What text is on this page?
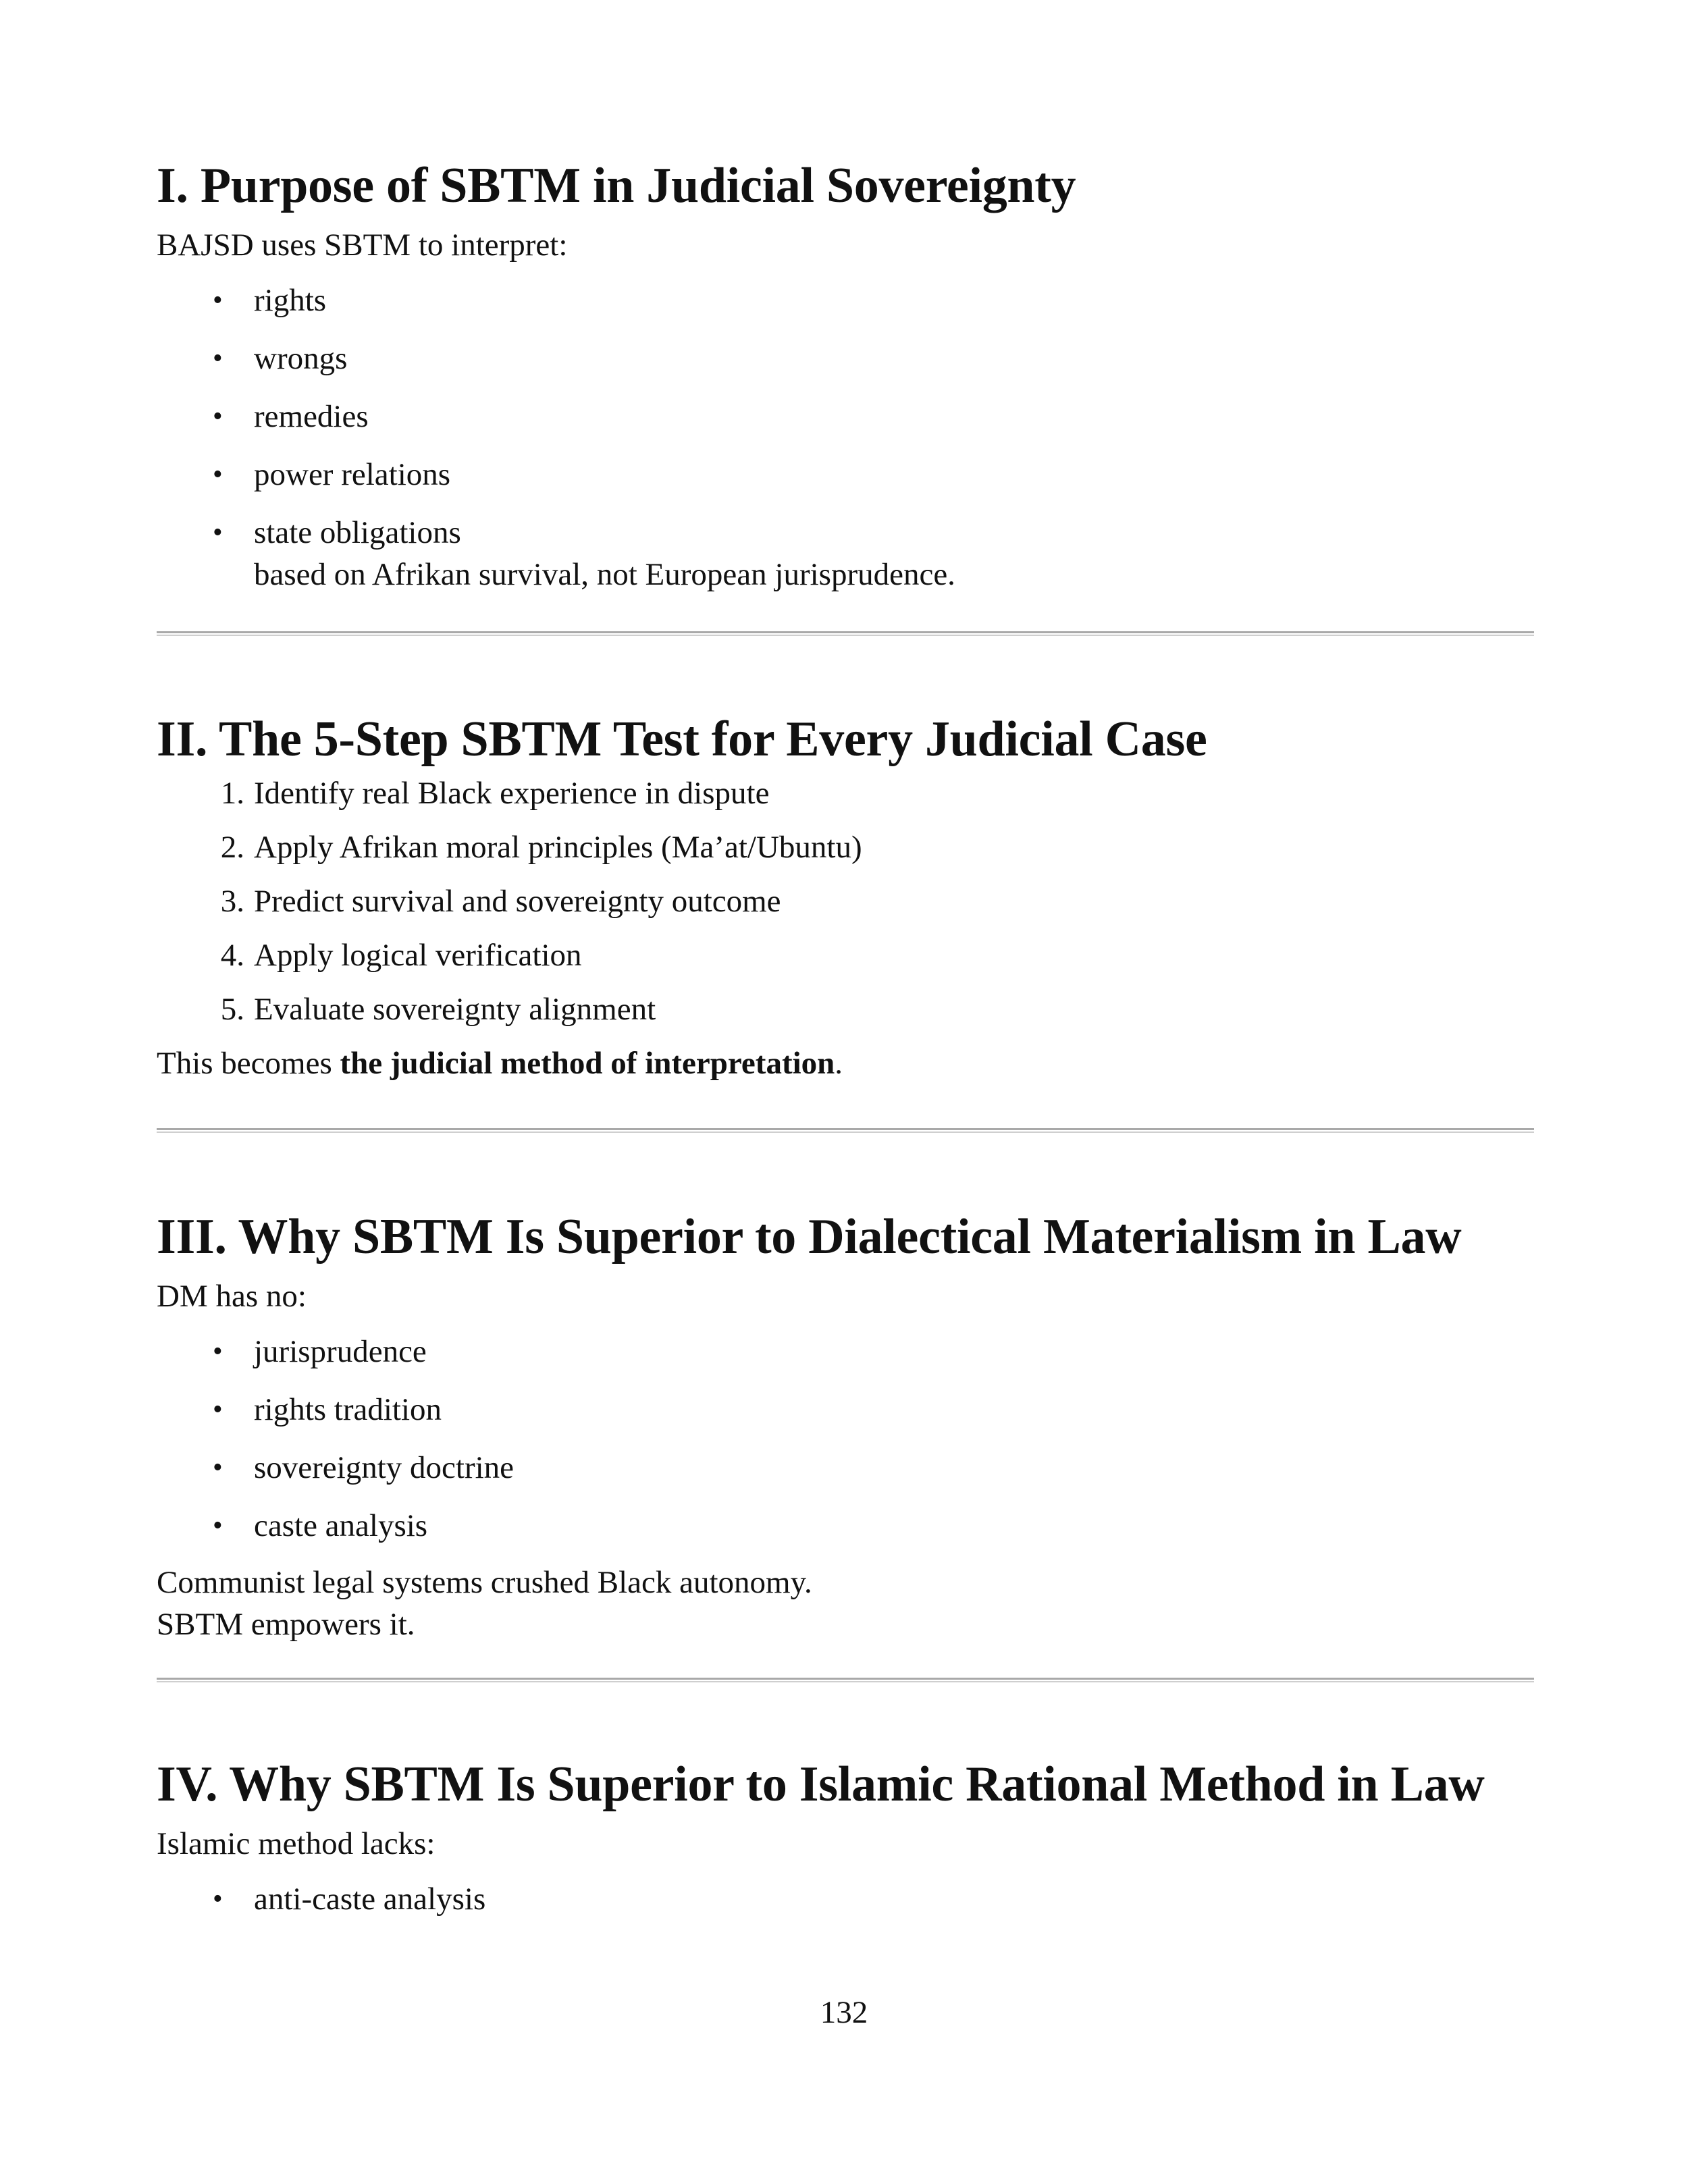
I. Purpose of SBTM in Judicial Sovereignty
BAJSD uses SBTM to interpret:
• rights
• wrongs
• remedies
• power relations
• state obligations
based on Afrikan survival, not European jurisprudence.
II. The 5-Step SBTM Test for Every Judicial Case
1. Identify real Black experience in dispute
2. Apply Afrikan moral principles (Ma’at/Ubuntu)
3. Predict survival and sovereignty outcome
4. Apply logical verification
5. Evaluate sovereignty alignment
This becomes the judicial method of interpretation.
III. Why SBTM Is Superior to Dialectical Materialism in Law
DM has no:
• jurisprudence
• rights tradition
• sovereignty doctrine
• caste analysis
Communist legal systems crushed Black autonomy.
SBTM empowers it.
IV. Why SBTM Is Superior to Islamic Rational Method in Law
Islamic method lacks:
• anti-caste analysis
132
